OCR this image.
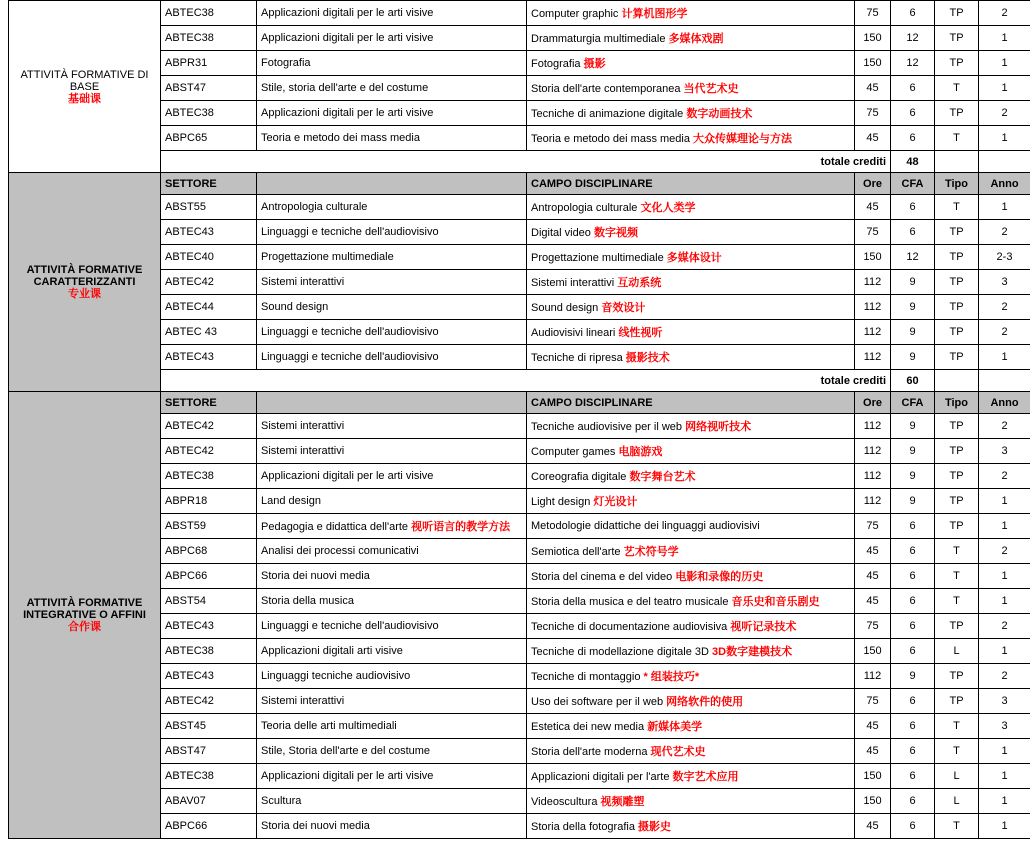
ATTIVITÀ FORMATIVE DI BASE
基础课	ABTEC38	Applicazioni digitali per le arti visive	Computer graphic 计算机图形学	75	6	TP	2
	ABTEC38	Applicazioni digitali per le arti visive	Drammaturgia multimediale 多媒体戏剧	150	12	TP	1
	ABPR31	Fotografia	Fotografia 摄影	150	12	TP	1
	ABST47	Stile, storia dell'arte e del costume	Storia dell'arte contemporanea 当代艺术史	45	6	T	1
	ABTEC38	Applicazioni digitali per le arti visive	Tecniche di animazione digitale 数字动画技术	75	6	TP	2
	ABPC65	Teoria e metodo dei mass media	Teoria e metodo dei mass media 大众传媒理论与方法	45	6	T	1
	totale crediti				48		

ATTIVITÀ FORMATIVE CARATTERIZZANTI
专业课	SETTORE		CAMPO DISCIPLINARE	Ore	CFA	Tipo	Anno
	ABST55	Antropologia culturale	Antropologia culturale 文化人类学	45	6	T	1
	ABTEC43	Linguaggi e tecniche dell'audiovisivo	Digital video 数字视频	75	6	TP	2
	ABTEC40	Progettazione multimediale	Progettazione multimediale 多媒体设计	150	12	TP	2-3
	ABTEC42	Sistemi interattivi	Sistemi interattivi 互动系统	112	9	TP	3
	ABTEC44	Sound design	Sound design 音效设计	112	9	TP	2
	ABTEC 43	Linguaggi e tecniche dell'audiovisivo	Audiovisivi lineari 线性视听	112	9	TP	2
	ABTEC43	Linguaggi e tecniche dell'audiovisivo	Tecniche di ripresa 摄影技术	112	9	TP	1
	totale crediti				60		

ATTIVITÀ FORMATIVE INTEGRATIVE O AFFINI
合作课	SETTORE		CAMPO DISCIPLINARE	Ore	CFA	Tipo	Anno
	ABTEC42	Sistemi interattivi	Tecniche audiovisive per il web 网络视听技术	112	9	TP	2
	ABTEC42	Sistemi interattivi	Computer games 电脑游戏	112	9	TP	3
	ABTEC38	Applicazioni digitali per le arti visive	Coreografia digitale 数字舞台艺术	112	9	TP	2
	ABPR18	Land design	Light design 灯光设计	112	9	TP	1
	ABST59	Pedagogia e didattica dell'arte 视听语言的教学方法	Metodologie didattiche dei linguaggi audiovisivi	75	6	TP	1
	ABPC68	Analisi dei processi comunicativi	Semiotica dell'arte 艺术符号学	45	6	T	2
	ABPC66	Storia dei nuovi media	Storia del cinema e del video 电影和录像的历史	45	6	T	1
	ABST54	Storia della musica	Storia della musica e del teatro musicale 音乐史和音乐剧史	45	6	T	1
	ABTEC43	Linguaggi e tecniche dell'audiovisivo	Tecniche di documentazione audiovisiva 视听记录技术	75	6	TP	2
	ABTEC38	Applicazioni digitali arti visive	Tecniche di modellazione digitale 3D 3D数字建模技术	150	6	L	1
	ABTEC43	Linguaggi tecniche audiovisivo	Tecniche di montaggio * 组装技巧*	112	9	TP	2
	ABTEC42	Sistemi interattivi	Uso dei software per il web 网络软件的使用	75	6	TP	3
	ABST45	Teoria delle arti multimediali	Estetica dei new media 新媒体美学	45	6	T	3
	ABST47	Stile, Storia dell'arte e del costume	Storia dell'arte moderna 现代艺术史	45	6	T	1
	ABTEC38	Applicazioni digitali per le arti visive	Applicazioni digitali per l'arte 数字艺术应用	150	6	L	1
	ABAV07	Scultura	Videoscultura 视频雕塑	150	6	L	1
	ABPC66	Storia dei nuovi media	Storia della fotografia 摄影史	45	6	T	1
